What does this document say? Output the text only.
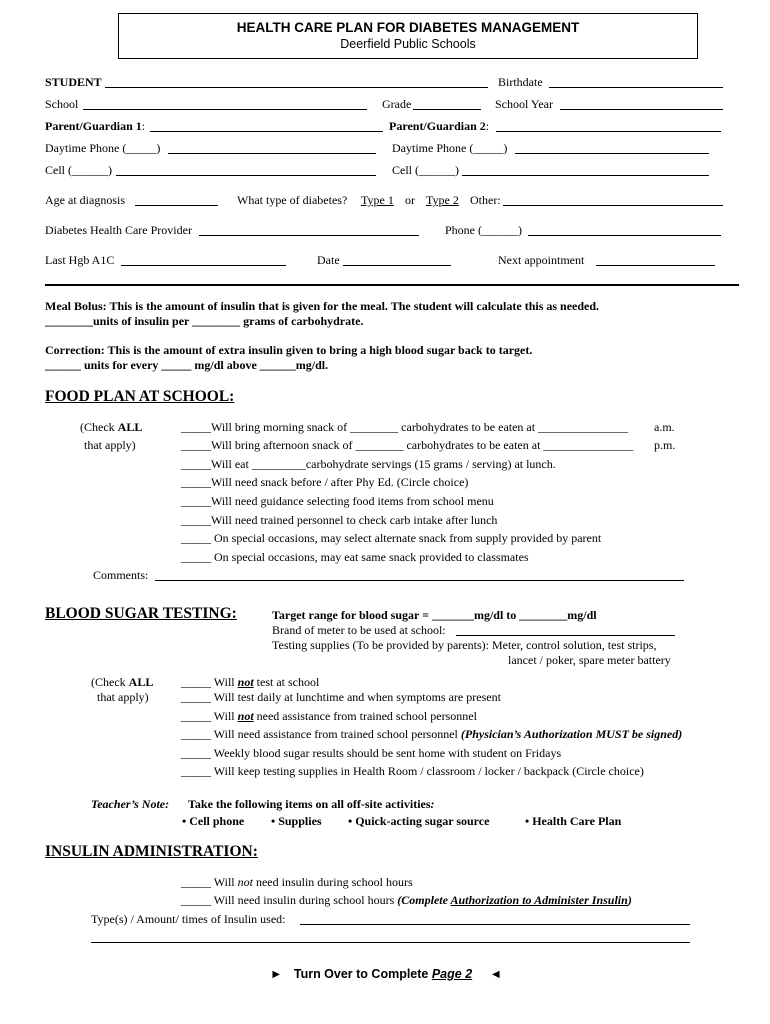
HEALTH CARE PLAN FOR DIABETES MANAGEMENT
Deerfield Public Schools
STUDENT	Birthdate
School	Grade	School Year
Parent/Guardian 1:	Parent/Guardian 2:
Daytime Phone (_____)	Daytime Phone (_____)
Cell (______)	Cell (______)
Age at diagnosis	What type of diabetes? Type 1 or Type 2 Other:
Diabetes Health Care Provider	Phone (______)
Last Hgb A1C	Date	Next appointment
Meal Bolus: This is the amount of insulin that is given for the meal. The student will calculate this as needed.
________units of insulin per ________ grams of carbohydrate.
Correction: This is the amount of extra insulin given to bring a high blood sugar back to target.
______ units for every _____ mg/dl above ______mg/dl.
FOOD PLAN AT SCHOOL:
(Check ALL
that apply)
_____Will bring morning snack of ________ carbohydrates to be eaten at _______________ a.m.
_____Will bring afternoon snack of ________ carbohydrates to be eaten at _______________ p.m.
_____Will eat _________carbohydrate servings (15 grams / serving) at lunch.
_____Will need snack before / after Phy Ed. (Circle choice)
_____Will need guidance selecting food items from school menu
_____Will need trained personnel to check carb intake after lunch
_____ On special occasions, may select alternate snack from supply provided by parent
_____ On special occasions, may eat same snack provided to classmates
Comments:
BLOOD SUGAR TESTING:	Target range for blood sugar = _______mg/dl to ________mg/dl
Brand of meter to be used at school:
Testing supplies (To be provided by parents): Meter, control solution, test strips,
lancet / poker, spare meter battery
(Check ALL
that apply)
_____ Will not test at school
_____ Will test daily at lunchtime and when symptoms are present
_____ Will not need assistance from trained school personnel
_____ Will need assistance from trained school personnel (Physician’s Authorization MUST be signed)
_____ Weekly blood sugar results should be sent home with student on Fridays
_____ Will keep testing supplies in Health Room / classroom / locker / backpack (Circle choice)
Teacher’s Note: Take the following items on all off-site activities:
• Cell phone • Supplies • Quick-acting sugar source	• Health Care Plan
INSULIN ADMINISTRATION:
_____ Will not need insulin during school hours
_____ Will need insulin during school hours (Complete Authorization to Administer Insulin)
Type(s) / Amount/ times of Insulin used:
► Turn Over to Complete Page 2 ◄
